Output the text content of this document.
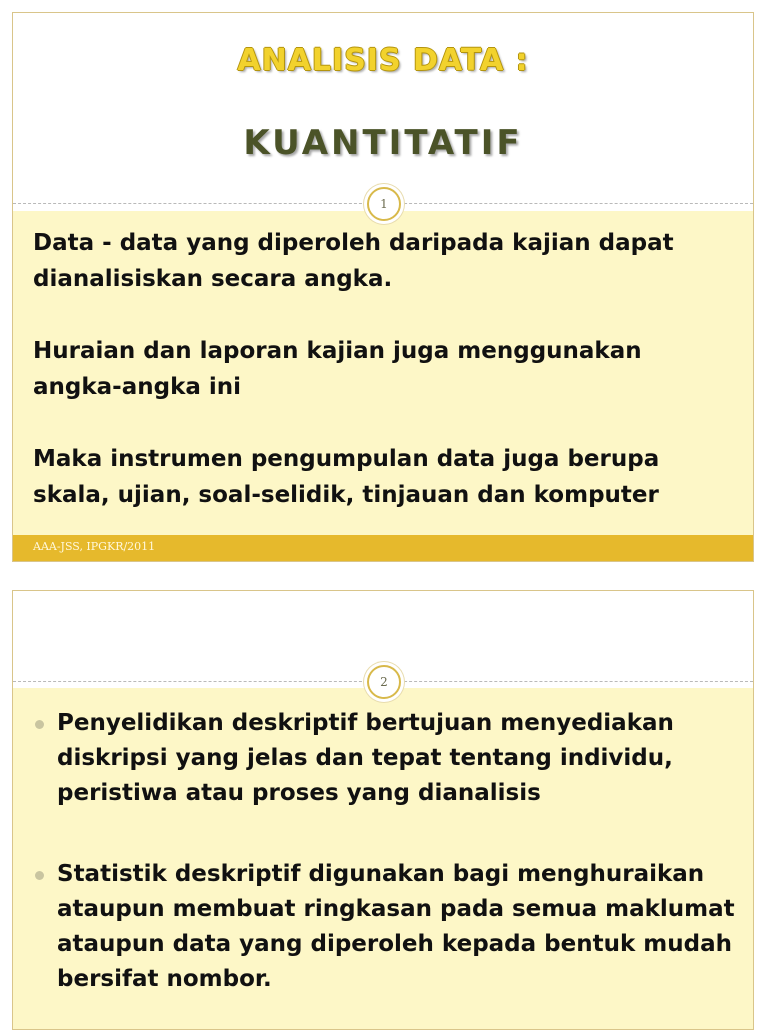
ANALISIS DATA :
KUANTITATIF

Data - data yang diperoleh daripada kajian dapat dianalisiskan secara angka.

Huraian dan laporan kajian juga menggunakan angka-angka ini

Maka instrumen pengumpulan data juga berupa skala, ujian, soal-selidik, tinjauan dan komputer

1
AAA-JSS, IPGKR/2011

Penyelidikan deskriptif bertujuan menyediakan diskripsi yang jelas dan tepat tentang individu, peristiwa atau proses yang dianalisis

Statistik deskriptif digunakan bagi menghuraikan ataupun membuat ringkasan pada semua maklumat ataupun data yang diperoleh kepada bentuk mudah bersifat nombor.

2
